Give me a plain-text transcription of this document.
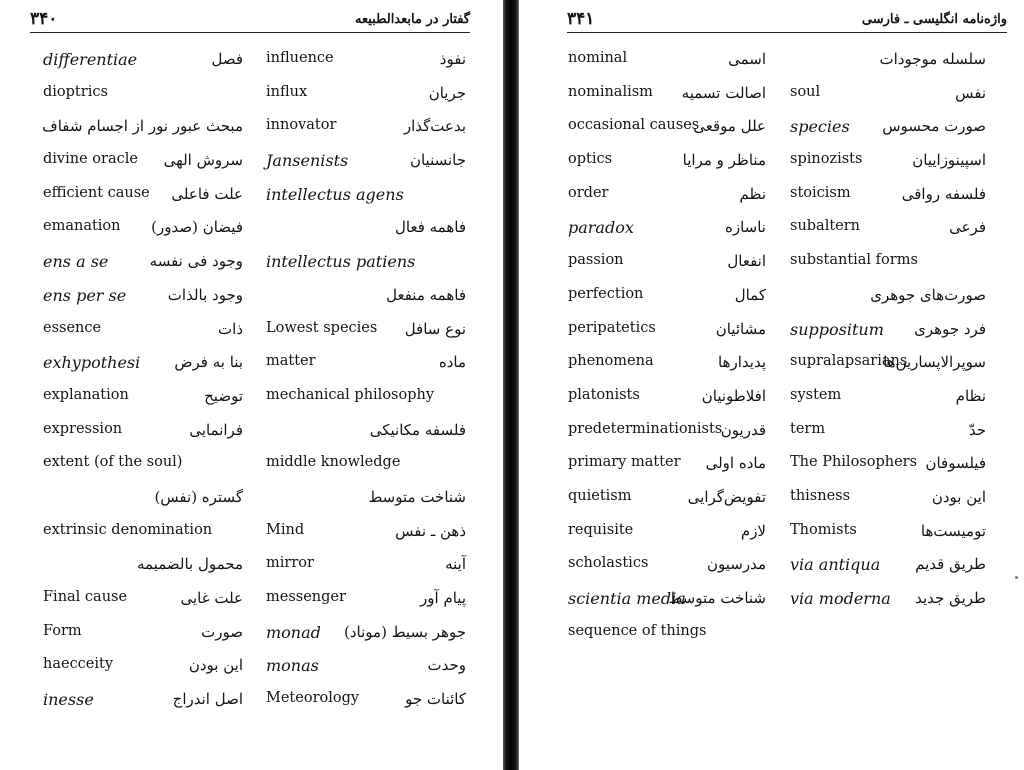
۳۴۰	گفتار در مابعدالطبیعه
differentiae	فصل
dioptrics
مبحث عبور نور از اجسام شفاف
divine oracle سروش الهی
efficient cause علت فاعلی
emanation فیضان (صدور)
ens a se	وجود فی نفسه
ens per se	وجود بالذات
essence	ذات
exhypothesi بنا به فرض
explanation	توضیح
expression	فرانمایی
extent (of the soul)
گستره (نفس)
extrinsic denomination
محمول بالضمیمه
Final cause	علت غایی
Form	صورت
haecceity	این بودن
inesse	اصل اندراج
influence	نفوذ
influx	جریان
innovator	بدعت‌گذار
Jansenists	جانسنیان
intellectus agens
فاهمه فعال
intellectus patiens
فاهمه منفعل
Lowest species نوع سافل
matter	ماده
mechanical philosophy
فلسفه مکانیکی
middle knowledge
شناخت متوسط
Mind	ذهن ـ نفس
mirror	آینه
messenger	پیام آور
monad جوهر بسیط (موناد)
monas	وحدت
Meteorology	کائنات جو
۳۴۱	واژه‌نامه انگلیسی ـ فارسی
nominal	اسمی
nominalism اصالت تسمیه
occasional causes
علل موقعی
optics	مناظر و مرایا
order	نظم
paradox	ناسازه
passion	انفعال
perfection	کمال
peripatetics	مشائیان
phenomena	پدیدارها
platonists	افلاطونیان
predeterminationists
قدریون
primary matter ماده اولی
quietism	تفویض‌گرایی
requisite	لازم
scholastics	مدرسیون
scientia media
شناخت متوسط
sequence of things
سلسله موجودات
soul	نفس
species صورت محسوس
spinozists	اسپینوزاییان
stoicism	فلسفه رواقی
subaltern	فرعی
substantial forms
صورت‌های جوهری
suppositum فرد جوهری
supralapsarians
سوپرالاپسارین‌ها
system	نظام
term	حدّ
The Philosophers فیلسوفان
thisness	این بودن
Thomists	تومیست‌ها
via antiqua طریق قدیم
via moderna طریق جدید
